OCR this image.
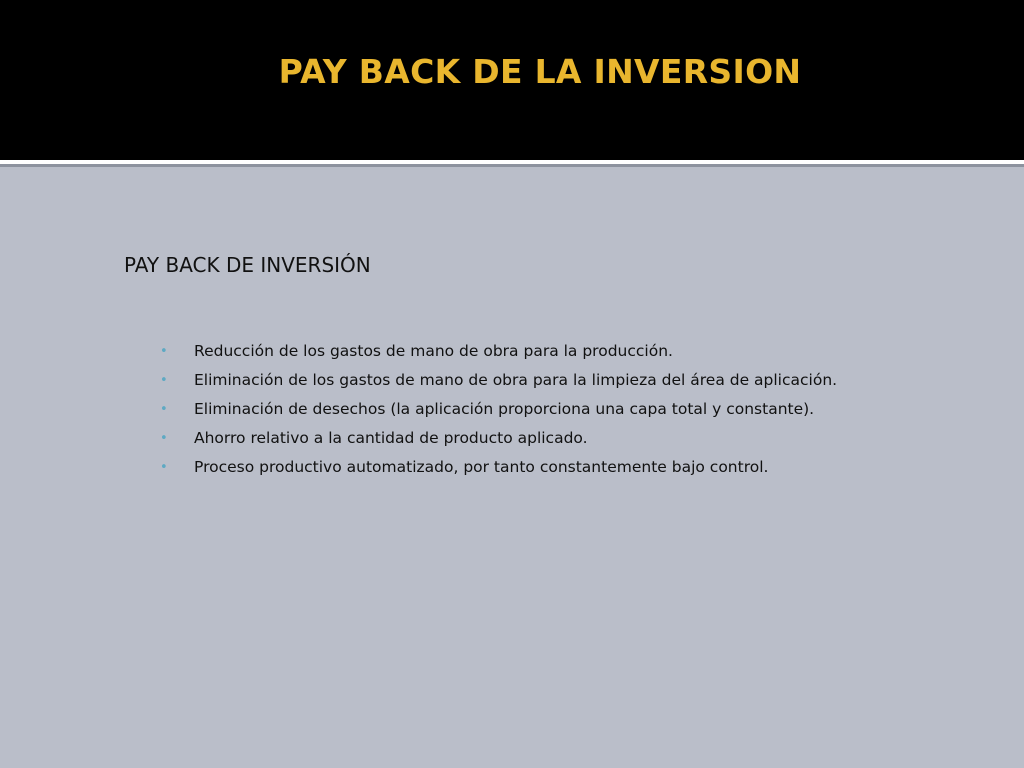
PAY BACK DE LA INVERSION
PAY BACK DE INVERSIÓN
• Reducción de los gastos de mano de obra para la producción.
• Eliminación de los gastos de mano de obra para la limpieza del área de aplicación.
• Eliminación de desechos (la aplicación proporciona una capa total y constante).
• Ahorro relativo a la cantidad de producto aplicado.
• Proceso productivo automatizado, por tanto constantemente bajo control.
